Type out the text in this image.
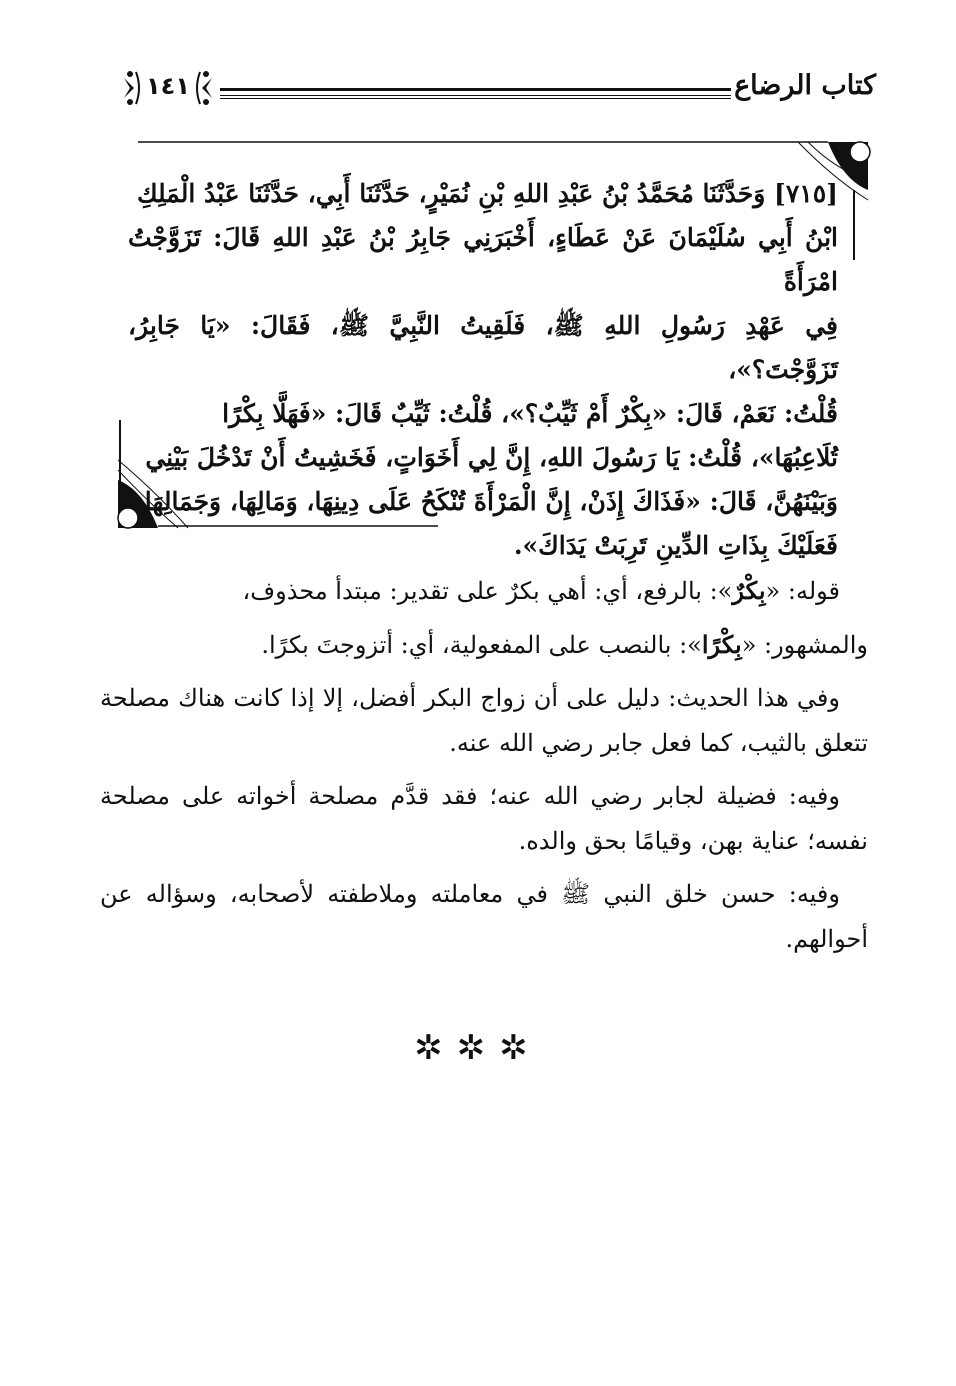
كتاب الرضاع
١٤١

[٧١٥] وَحَدَّثَنَا مُحَمَّدُ بْنُ عَبْدِ اللهِ بْنِ نُمَيْرٍ، حَدَّثَنَا أَبِي، حَدَّثَنَا عَبْدُ الْمَلِكِ

ابْنُ أَبِي سُلَيْمَانَ عَنْ عَطَاءٍ، أَخْبَرَنِي جَابِرُ بْنُ عَبْدِ اللهِ قَالَ: تَزَوَّجْتُ امْرَأَةً

فِي عَهْدِ رَسُولِ اللهِ ﷺ، فَلَقِيتُ النَّبِيَّ ﷺ، فَقَالَ: «يَا جَابِرُ، تَزَوَّجْتَ؟»،

قُلْتُ: نَعَمْ، قَالَ: «بِكْرٌ أَمْ ثَيِّبٌ؟»، قُلْتُ: ثَيِّبٌ قَالَ: «فَهَلَّا بِكْرًا

تُلَاعِبُهَا»، قُلْتُ: يَا رَسُولَ اللهِ، إِنَّ لِي أَخَوَاتٍ، فَخَشِيتُ أَنْ تَدْخُلَ بَيْنِي

وَبَيْنَهُنَّ، قَالَ: «فَذَاكَ إِذَنْ، إِنَّ الْمَرْأَةَ تُنْكَحُ عَلَى دِينِهَا، وَمَالِهَا، وَجَمَالِهَا،

فَعَلَيْكَ بِذَاتِ الدِّينِ تَرِبَتْ يَدَاكَ».

قوله: «بِكْرٌ»: بالرفع، أي: أهي بكرٌ على تقدير: مبتدأ محذوف،

والمشهور: «بِكْرًا»: بالنصب على المفعولية، أي: أتزوجتَ بكرًا.

وفي هذا الحديث: دليل على أن زواج البكر أفضل، إلا إذا كانت هناك مصلحة تتعلق بالثيب، كما فعل جابر رضي الله عنه.

وفيه: فضيلة لجابر رضي الله عنه؛ فقد قدَّم مصلحة أخواته على مصلحة نفسه؛ عناية بهن، وقيامًا بحق والده.

وفيه: حسن خلق النبي ﷺ في معاملته وملاطفته لأصحابه، وسؤاله عن أحوالهم.

✲✲✲
